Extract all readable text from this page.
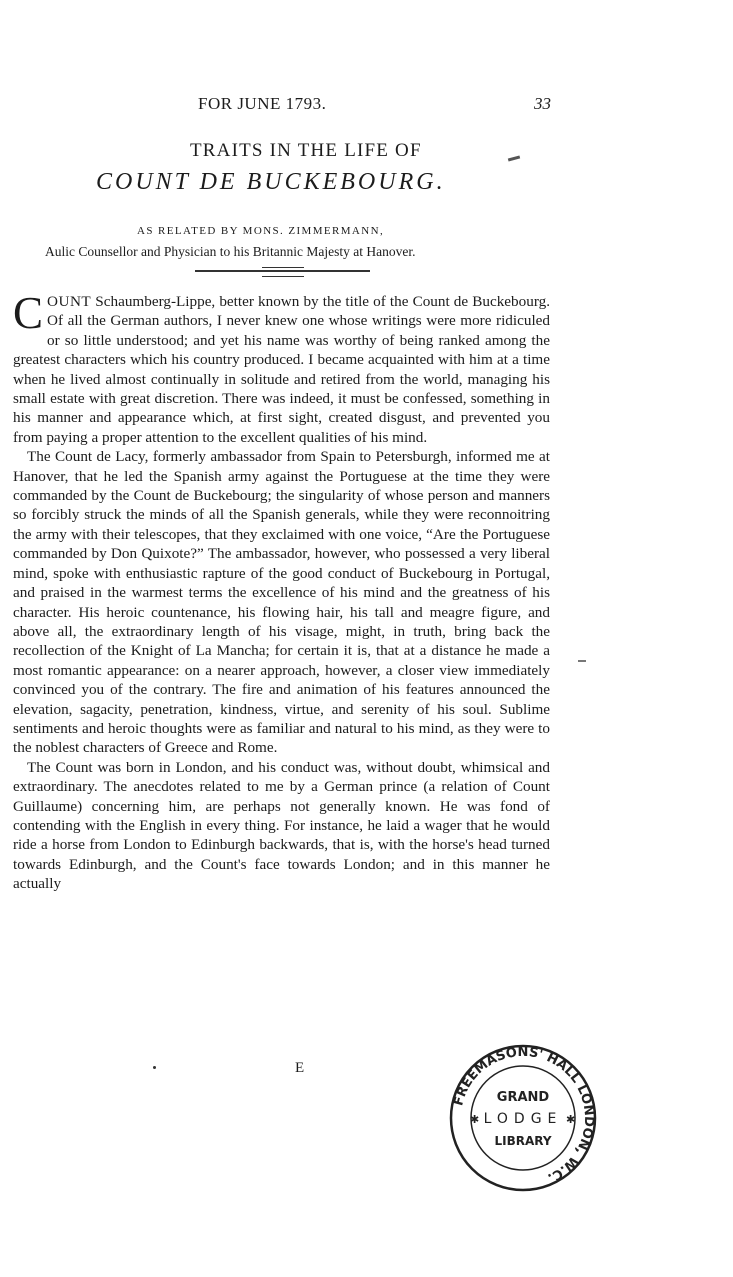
FOR JUNE 1793.	33
TRAITS IN THE LIFE OF
COUNT DE BUCKEBOURG.
AS RELATED BY MONS. ZIMMERMANN,
Aulic Counsellor and Physician to his Britannic Majesty at Hanover.

COUNT Schaumberg-Lippe, better known by the title of the Count de Buckebourg. Of all the German authors, I never knew one whose writings were more ridiculed or so little understood; and yet his name was worthy of being ranked among the greatest characters which his country produced. I became acquainted with him at a time when he lived almost continually in solitude and retired from the world, managing his small estate with great discretion. There was indeed, it must be confessed, something in his manner and appearance which, at first sight, created disgust, and prevented you from paying a proper attention to the excellent qualities of his mind.

The Count de Lacy, formerly ambassador from Spain to Petersburgh, informed me at Hanover, that he led the Spanish army against the Portuguese at the time they were commanded by the Count de Buckebourg; the singularity of whose person and manners so forcibly struck the minds of all the Spanish generals, while they were reconnoitring the army with their telescopes, that they exclaimed with one voice, “Are the Portuguese commanded by Don Quixote?” The ambassador, however, who possessed a very liberal mind, spoke with enthusiastic rapture of the good conduct of Buckebourg in Portugal, and praised in the warmest terms the excellence of his mind and the greatness of his character. His heroic countenance, his flowing hair, his tall and meagre figure, and above all, the extraordinary length of his visage, might, in truth, bring back the recollection of the Knight of La Mancha; for certain it is, that at a distance he made a most romantic appearance: on a nearer approach, however, a closer view immediately convinced you of the contrary. The fire and animation of his features announced the elevation, sagacity, penetration, kindness, virtue, and serenity of his soul. Sublime sentiments and heroic thoughts were as familiar and natural to his mind, as they were to the noblest characters of Greece and Rome.

The Count was born in London, and his conduct was, without doubt, whimsical and extraordinary. The anecdotes related to me by a German prince (a relation of Count Guillaume) concerning him, are perhaps not generally known. He was fond of contending with the English in every thing. For instance, he laid a wager that he would ride a horse from London to Edinburgh backwards, that is, with the horse's head turned towards Edinburgh, and the Count's face towards London; and in this manner he actually

E
FREEMASONS' HALL LONDON, W.C.
GRAND
LODGE
LIBRARY
✱	✱
